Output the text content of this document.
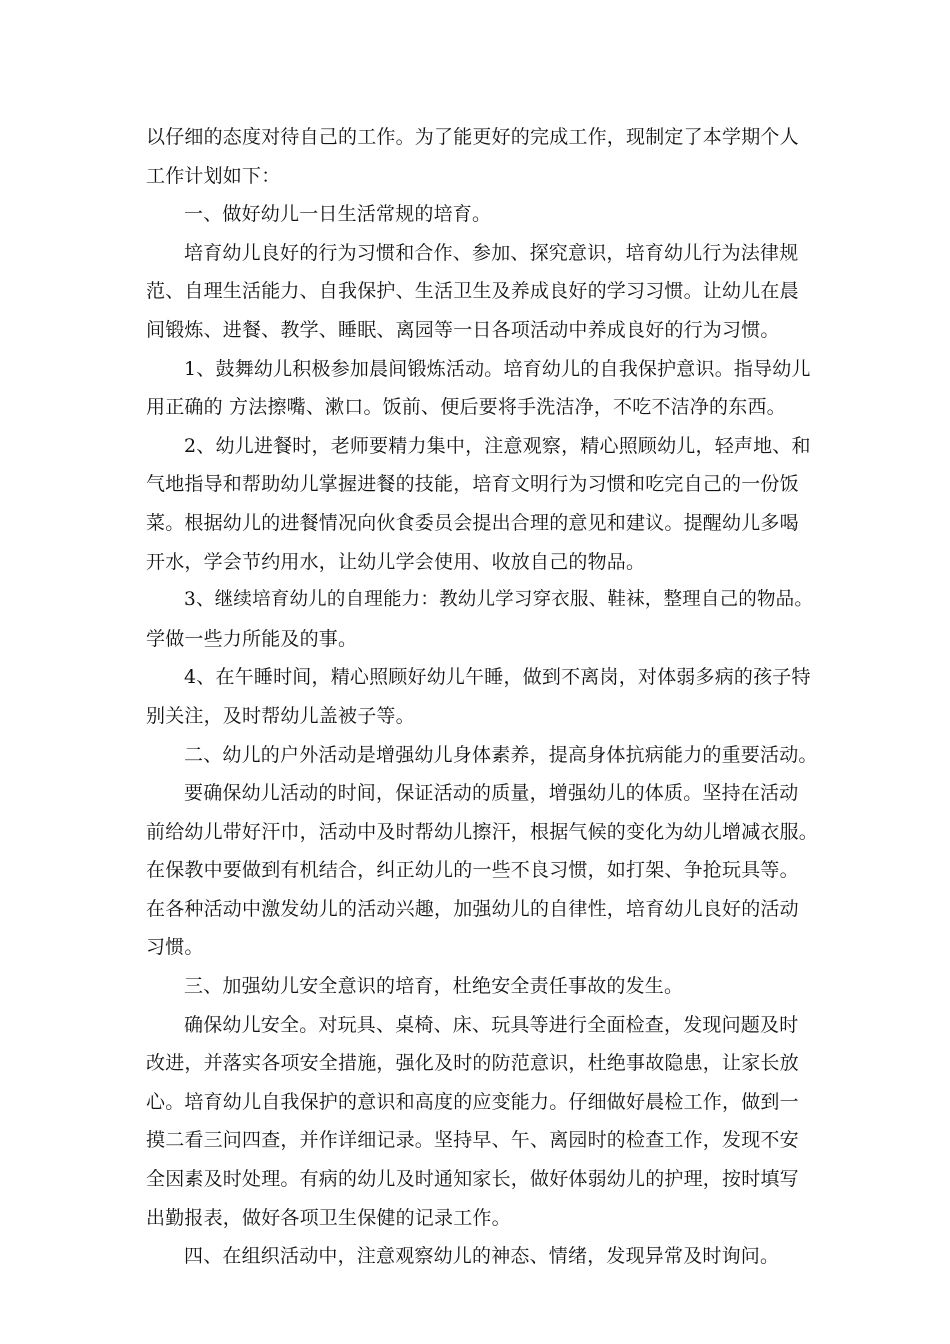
以仔细的态度对待自己的工作。为了能更好的完成工作，现制定了本学期个人
工作计划如下：
一、做好幼儿一日生活常规的培育。
培育幼儿良好的行为习惯和合作、参加、探究意识，培育幼儿行为法律规
范、自理生活能力、自我保护、生活卫生及养成良好的学习习惯。让幼儿在晨
间锻炼、进餐、教学、睡眠、离园等一日各项活动中养成良好的行为习惯。
1、鼓舞幼儿积极参加晨间锻炼活动。培育幼儿的自我保护意识。指导幼儿
用正确的 方法擦嘴、漱口。饭前、便后要将手洗洁净，不吃不洁净的东西。
2、幼儿进餐时，老师要精力集中，注意观察，精心照顾幼儿，轻声地、和
气地指导和帮助幼儿掌握进餐的技能，培育文明行为习惯和吃完自己的一份饭
菜。根据幼儿的进餐情况向伙食委员会提出合理的意见和建议。提醒幼儿多喝
开水，学会节约用水，让幼儿学会使用、收放自己的物品。
3、继续培育幼儿的自理能力：教幼儿学习穿衣服、鞋袜，整理自己的物品。
学做一些力所能及的事。
4、在午睡时间，精心照顾好幼儿午睡，做到不离岗，对体弱多病的孩子特
别关注，及时帮幼儿盖被子等。
二、幼儿的户外活动是增强幼儿身体素养，提高身体抗病能力的重要活动。
要确保幼儿活动的时间，保证活动的质量，增强幼儿的体质。坚持在活动
前给幼儿带好汗巾，活动中及时帮幼儿擦汗，根据气候的变化为幼儿增减衣服。
在保教中要做到有机结合，纠正幼儿的一些不良习惯，如打架、争抢玩具等。
在各种活动中激发幼儿的活动兴趣，加强幼儿的自律性，培育幼儿良好的活动
习惯。
三、加强幼儿安全意识的培育，杜绝安全责任事故的发生。
确保幼儿安全。对玩具、桌椅、床、玩具等进行全面检查，发现问题及时
改进，并落实各项安全措施，强化及时的防范意识，杜绝事故隐患，让家长放
心。培育幼儿自我保护的意识和高度的应变能力。仔细做好晨检工作，做到一
摸二看三问四查，并作详细记录。坚持早、午、离园时的检查工作，发现不安
全因素及时处理。有病的幼儿及时通知家长，做好体弱幼儿的护理，按时填写
出勤报表，做好各项卫生保健的记录工作。
四、在组织活动中，注意观察幼儿的神态、情绪，发现异常及时询问。
